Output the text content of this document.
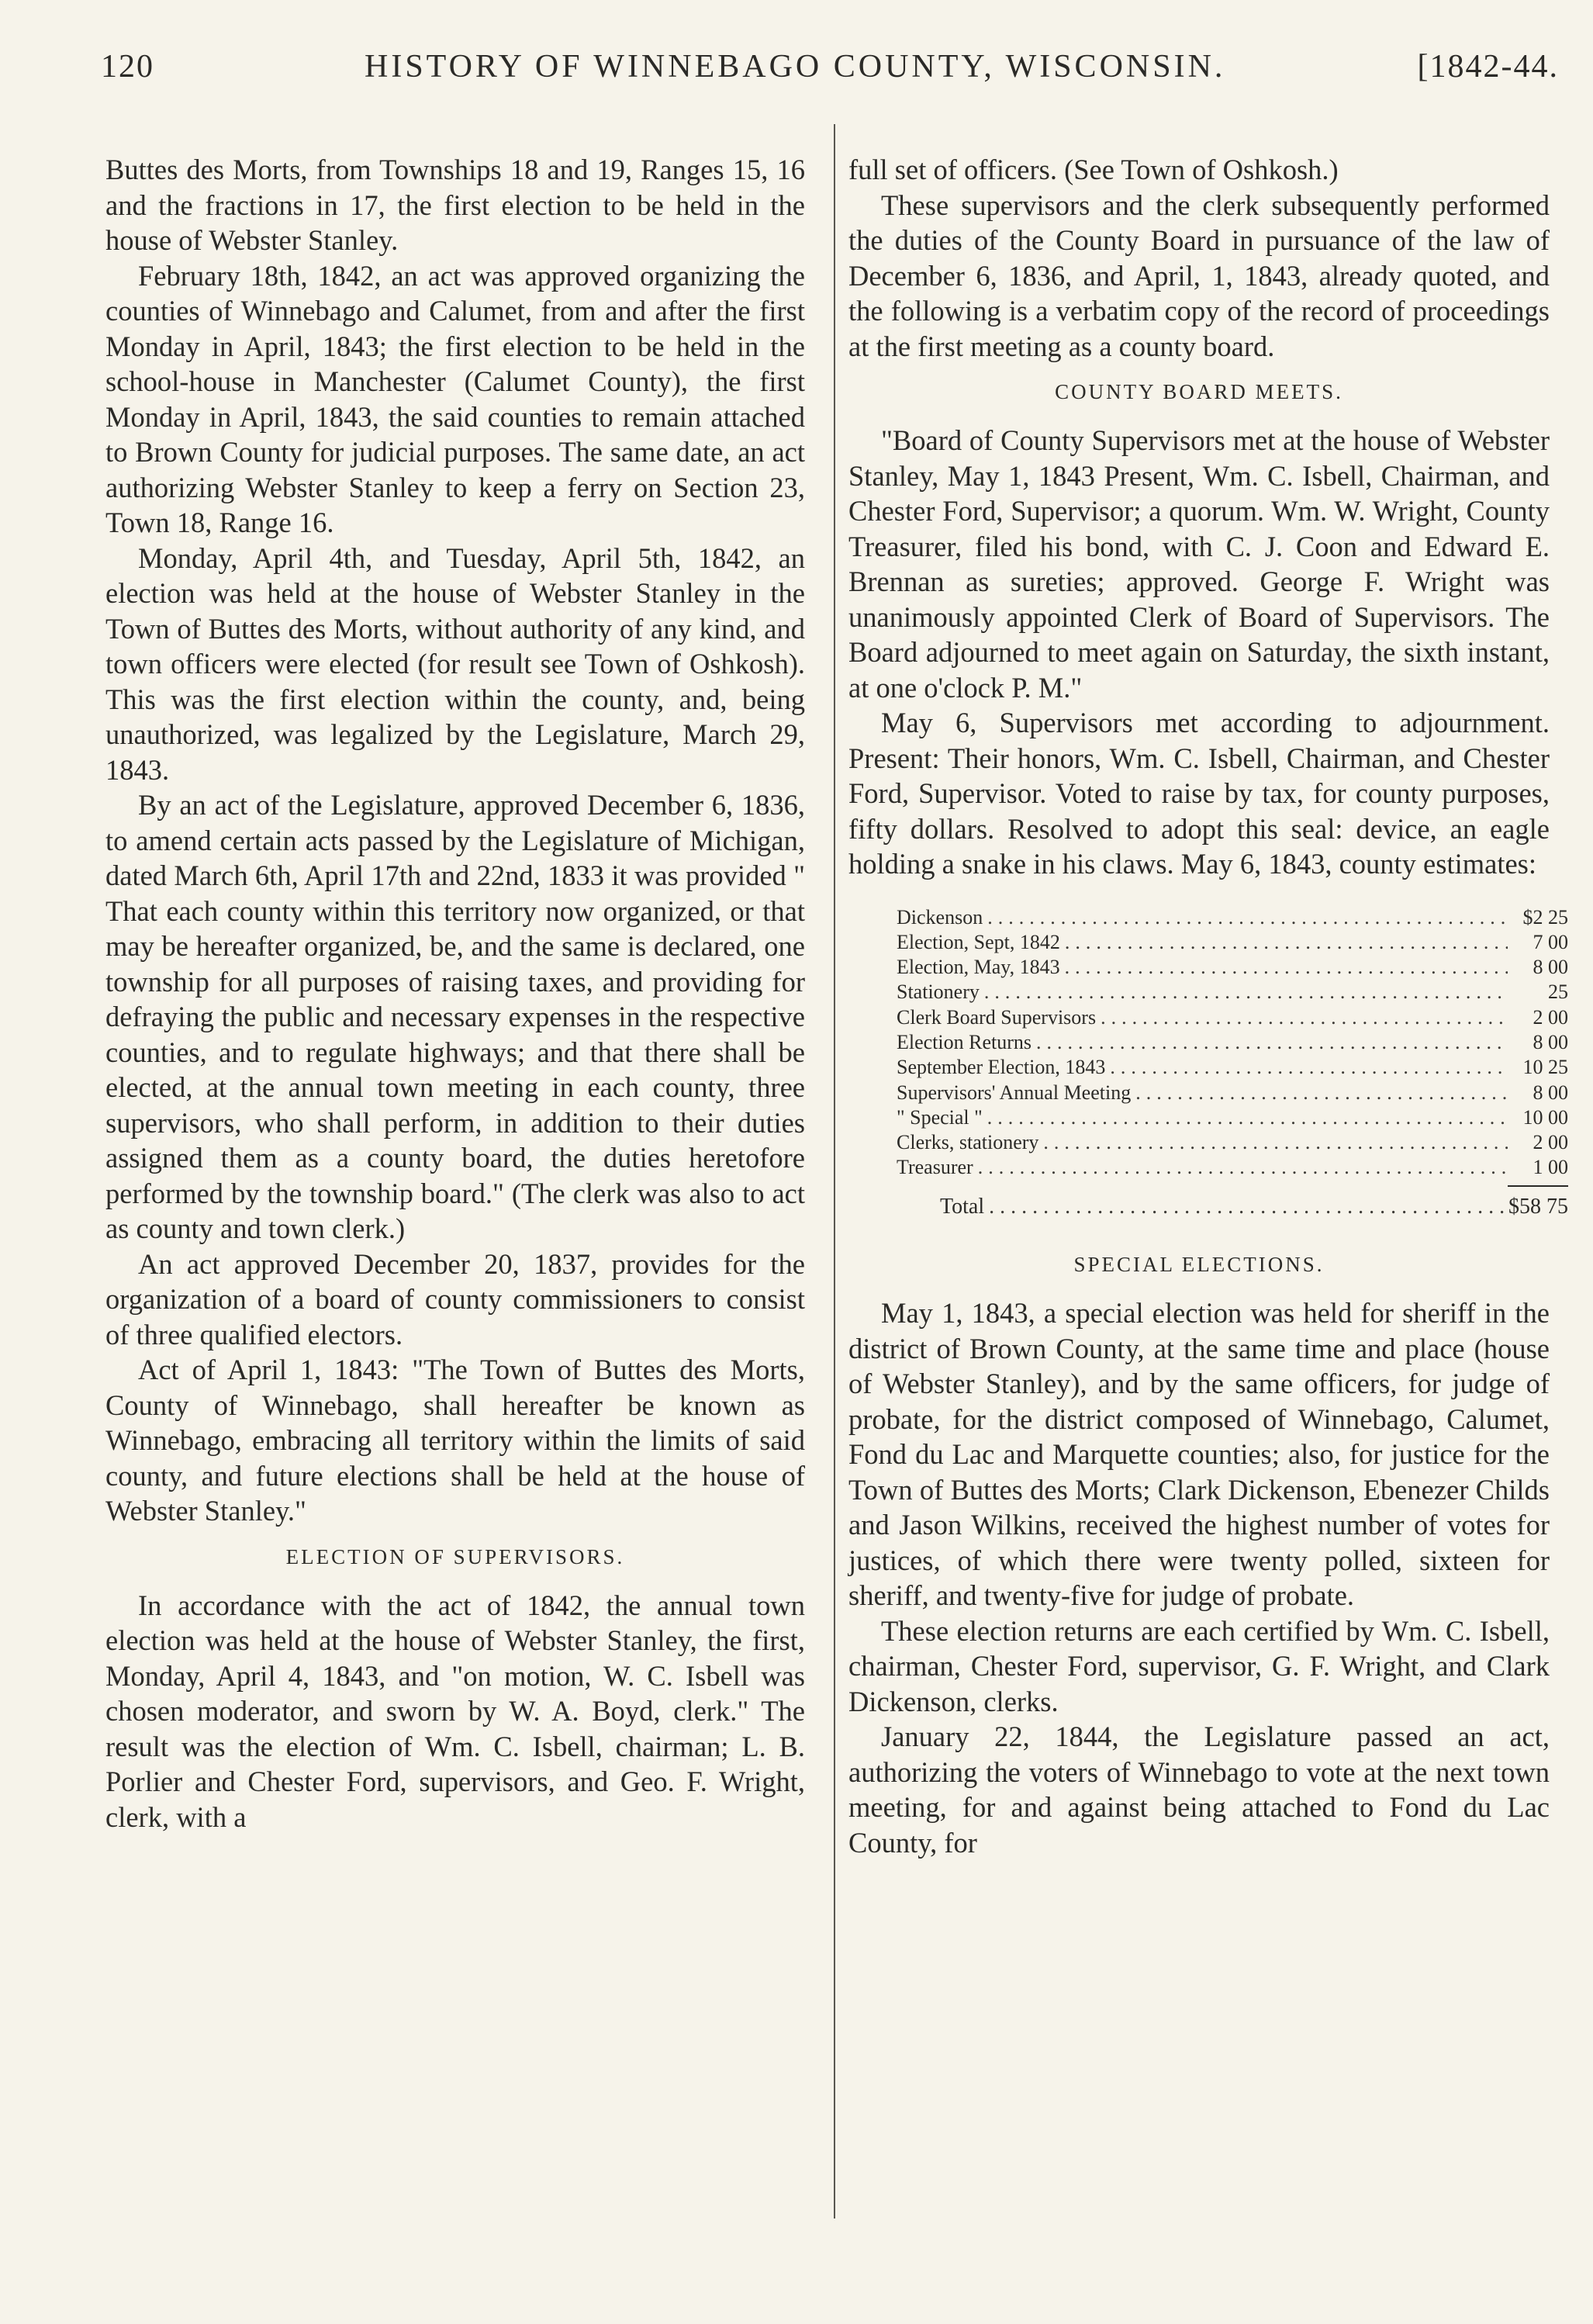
120	HISTORY OF WINNEBAGO COUNTY, WISCONSIN.	[1842-44.

Buttes des Morts, from Townships 18 and 19, Ranges 15, 16 and the fractions in 17, the first election to be held in the house of Webster Stanley.

February 18th, 1842, an act was approved organizing the counties of Winnebago and Calumet, from and after the first Monday in April, 1843; the first election to be held in the school-house in Manchester (Calumet County), the first Monday in April, 1843, the said counties to remain attached to Brown County for judicial purposes. The same date, an act authorizing Webster Stanley to keep a ferry on Section 23, Town 18, Range 16.

Monday, April 4th, and Tuesday, April 5th, 1842, an election was held at the house of Webster Stanley in the Town of Buttes des Morts, without authority of any kind, and town officers were elected (for result see Town of Oshkosh). This was the first election within the county, and, being unauthorized, was legalized by the Legislature, March 29, 1843.

By an act of the Legislature, approved December 6, 1836, to amend certain acts passed by the Legislature of Michigan, dated March 6th, April 17th and 22nd, 1833 it was provided " That each county within this territory now organized, or that may be hereafter organized, be, and the same is declared, one township for all purposes of raising taxes, and providing for defraying the public and necessary expenses in the respective counties, and to regulate highways; and that there shall be elected, at the annual town meeting in each county, three supervisors, who shall perform, in addition to their duties assigned them as a county board, the duties heretofore performed by the township board." (The clerk was also to act as county and town clerk.)

An act approved December 20, 1837, provides for the organization of a board of county commissioners to consist of three qualified electors.

Act of April 1, 1843: "The Town of Buttes des Morts, County of Winnebago, shall hereafter be known as Winnebago, embracing all territory within the limits of said county, and future elections shall be held at the house of Webster Stanley."

ELECTION OF SUPERVISORS.

In accordance with the act of 1842, the annual town election was held at the house of Webster Stanley, the first, Monday, April 4, 1843, and "on motion, W. C. Isbell was chosen moderator, and sworn by W. A. Boyd, clerk." The result was the election of Wm. C. Isbell, chairman; L. B. Porlier and Chester Ford, supervisors, and Geo. F. Wright, clerk, with a

full set of officers. (See Town of Oshkosh.)

These supervisors and the clerk subsequently performed the duties of the County Board in pursuance of the law of December 6, 1836, and April, 1, 1843, already quoted, and the following is a verbatim copy of the record of proceedings at the first meeting as a county board.

COUNTY BOARD MEETS.

"Board of County Supervisors met at the house of Webster Stanley, May 1, 1843 Present, Wm. C. Isbell, Chairman, and Chester Ford, Supervisor; a quorum. Wm. W. Wright, County Treasurer, filed his bond, with C. J. Coon and Edward E. Brennan as sureties; approved. George F. Wright was unanimously appointed Clerk of Board of Supervisors. The Board adjourned to meet again on Saturday, the sixth instant, at one o'clock P. M."

May 6, Supervisors met according to adjournment. Present: Their honors, Wm. C. Isbell, Chairman, and Chester Ford, Supervisor. Voted to raise by tax, for county purposes, fifty dollars. Resolved to adopt this seal: device, an eagle holding a snake in his claws. May 6, 1843, county estimates:

Dickenson .....	$2 25
Election, Sept, 1842 .....	7 00
Election, May, 1843 .....	8 00
Stationery .....	25
Clerk Board Supervisors .....	2 00
Election Returns .....	8 00
September Election, 1843 .....	10 25
Supervisors' Annual Meeting .....	8 00
" Special " .....	10 00
Clerks, stationery .....	2 00
Treasurer .....	1 00
Total .....	$58 75
SPECIAL ELECTIONS.

May 1, 1843, a special election was held for sheriff in the district of Brown County, at the same time and place (house of Webster Stanley), and by the same officers, for judge of probate, for the district composed of Winnebago, Calumet, Fond du Lac and Marquette counties; also, for justice for the Town of Buttes des Morts; Clark Dickenson, Ebenezer Childs and Jason Wilkins, received the highest number of votes for justices, of which there were twenty polled, sixteen for sheriff, and twenty-five for judge of probate.

These election returns are each certified by Wm. C. Isbell, chairman, Chester Ford, supervisor, G. F. Wright, and Clark Dickenson, clerks.

January 22, 1844, the Legislature passed an act, authorizing the voters of Winnebago to vote at the next town meeting, for and against being attached to Fond du Lac County, for
